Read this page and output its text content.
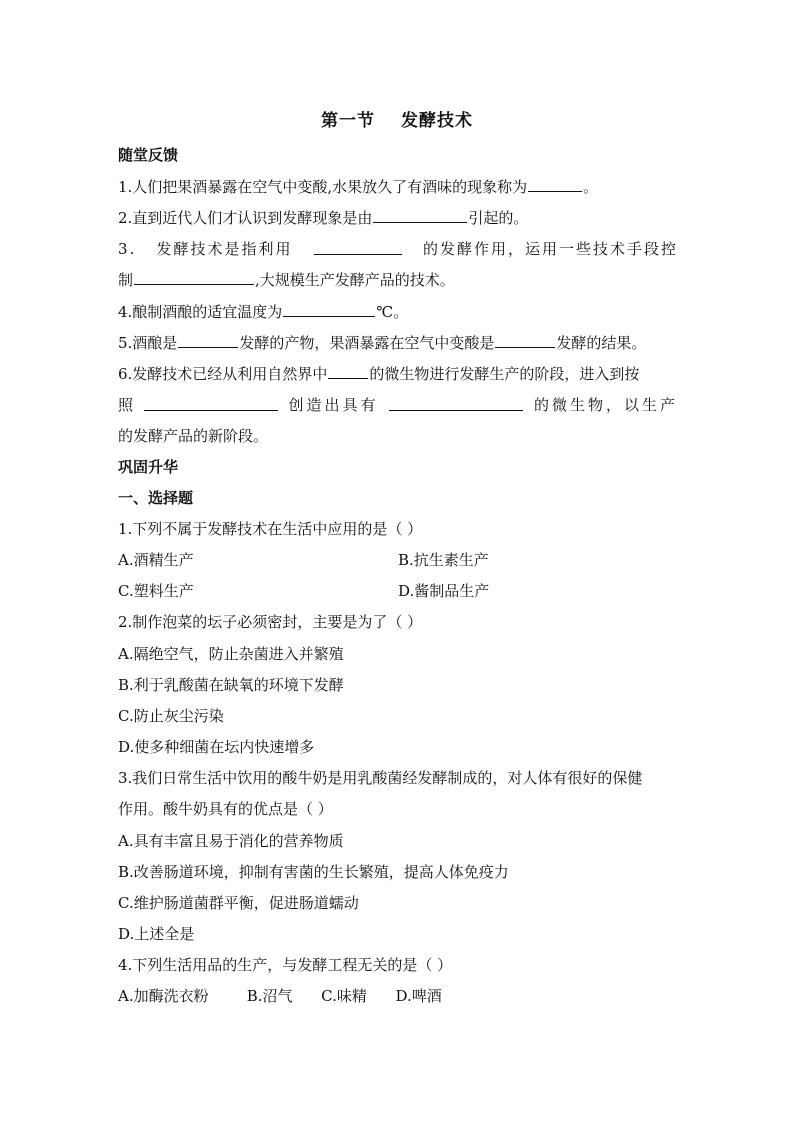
第一节 发酵技术
随堂反馈
1.人们把果酒暴露在空气中变酸,水果放久了有酒味的现象称为	。
2.直到近代人们才认识到发酵现象是由	引起的。
3. 发酵技术是指利用	的发酵作用，运用一些技术手段控
制	,大规模生产发酵产品的技术。
4.酿制酒酿的适宜温度为	℃。
5.酒酿是	发酵的产物，果酒暴露在空气中变酸是	发酵的结果。
6.发酵技术已经从利用自然界中	的微生物进行发酵生产的阶段，进入到按
照	创造出具有	的微生物，以生产
的发酵产品的新阶段。
巩固升华
一、选择题
1.下列不属于发酵技术在生活中应用的是（ ）
A.酒精生产	B.抗生素生产
C.塑料生产	D.酱制品生产
2.制作泡菜的坛子必须密封，主要是为了（ ）
A.隔绝空气，防止杂菌进入并繁殖
B.利于乳酸菌在缺氧的环境下发酵
C.防止灰尘污染
D.使多种细菌在坛内快速增多
3.我们日常生活中饮用的酸牛奶是用乳酸菌经发酵制成的，对人体有很好的保健
作用。酸牛奶具有的优点是（ ）
A.具有丰富且易于消化的营养物质
B.改善肠道环境，抑制有害菌的生长繁殖，提高人体免疫力
C.维护肠道菌群平衡，促进肠道蠕动
D.上述全是
4.下列生活用品的生产，与发酵工程无关的是（ ）
A.加酶洗衣粉        B.沼气      C.味精      D.啤酒
